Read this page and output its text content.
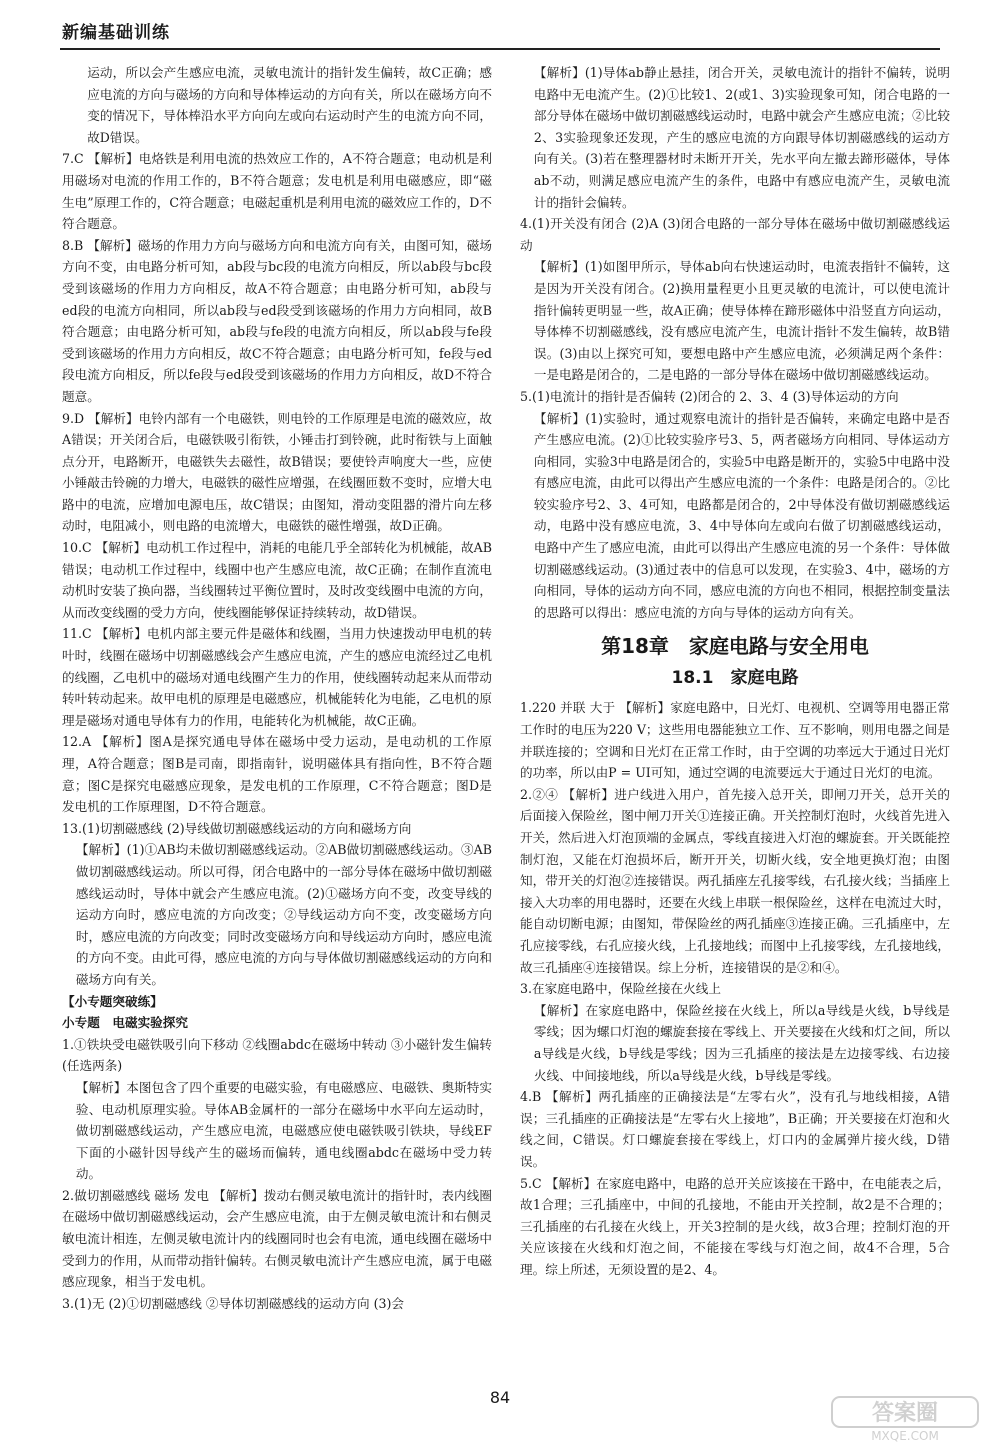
新编基础训练

运动，所以会产生感应电流，灵敏电流计的指针发生偏转，故C正确；感应电流的方向与磁场的方向和导体棒运动的方向有关，所以在磁场方向不变的情况下，导体棒沿水平方向向左或向右运动时产生的电流方向不同，故D错误。

7.C 【解析】电烙铁是利用电流的热效应工作的，A不符合题意；电动机是利用磁场对电流的作用工作的，B不符合题意；发电机是利用电磁感应，即“磁生电”原理工作的，C符合题意；电磁起重机是利用电流的磁效应工作的，D不符合题意。

8.B 【解析】磁场的作用力方向与磁场方向和电流方向有关，由图可知，磁场方向不变，由电路分析可知，ab段与bc段的电流方向相反，所以ab段与bc段受到该磁场的作用力方向相反，故A不符合题意；由电路分析可知，ab段与ed段的电流方向相同，所以ab段与ed段受到该磁场的作用力方向相同，故B符合题意；由电路分析可知，ab段与fe段的电流方向相反，所以ab段与fe段受到该磁场的作用力方向相反，故C不符合题意；由电路分析可知，fe段与ed段电流方向相反，所以fe段与ed段受到该磁场的作用力方向相反，故D不符合题意。

9.D 【解析】电铃内部有一个电磁铁，则电铃的工作原理是电流的磁效应，故A错误；开关闭合后，电磁铁吸引衔铁，小锤击打到铃碗，此时衔铁与上面触点分开，电路断开，电磁铁失去磁性，故B错误；要使铃声响度大一些，应使小锤敲击铃碗的力增大，电磁铁的磁性应增强，在线圈匝数不变时，应增大电路中的电流，应增加电源电压，故C错误；由图知，滑动变阻器的滑片向左移动时，电阻减小，则电路的电流增大，电磁铁的磁性增强，故D正确。

10.C 【解析】电动机工作过程中，消耗的电能几乎全部转化为机械能，故AB错误；电动机工作过程中，线圈中也产生感应电流，故C正确；在制作直流电动机时安装了换向器，当线圈转过平衡位置时，及时改变线圈中电流的方向，从而改变线圈的受力方向，使线圈能够保证持续转动，故D错误。

11.C 【解析】电机内部主要元件是磁体和线圈，当用力快速拨动甲电机的转叶时，线圈在磁场中切割磁感线会产生感应电流，产生的感应电流经过乙电机的线圈，乙电机中的磁场对通电线圈产生力的作用，使线圈转动起来从而带动转叶转动起来。故甲电机的原理是电磁感应，机械能转化为电能，乙电机的原理是磁场对通电导体有力的作用，电能转化为机械能，故C正确。

12.A 【解析】图A是探究通电导体在磁场中受力运动，是电动机的工作原理，A符合题意；图B是司南，即指南针，说明磁体具有指向性，B不符合题意；图C是探究电磁感应现象，是发电机的工作原理，C不符合题意；图D是发电机的工作原理图，D不符合题意。

13.(1)切割磁感线 (2)导线做切割磁感线运动的方向和磁场方向

【解析】(1)①AB均未做切割磁感线运动。②AB做切割磁感线运动。③AB做切割磁感线运动。所以可得，闭合电路中的一部分导体在磁场中做切割磁感线运动时，导体中就会产生感应电流。(2)①磁场方向不变，改变导线的运动方向时，感应电流的方向改变；②导线运动方向不变，改变磁场方向时，感应电流的方向改变；同时改变磁场方向和导线运动方向时，感应电流的方向不变。由此可得，感应电流的方向与导体做切割磁感线运动的方向和磁场方向有关。

【小专题突破练】

小专题　电磁实验探究

1.①铁块受电磁铁吸引向下移动 ②线圈abdc在磁场中转动 ③小磁针发生偏转(任选两条)

【解析】本图包含了四个重要的电磁实验，有电磁感应、电磁铁、奥斯特实验、电动机原理实验。导体AB金属杆的一部分在磁场中水平向左运动时，做切割磁感线运动，产生感应电流，电磁感应使电磁铁吸引铁块，导线EF下面的小磁针因导线产生的磁场而偏转，通电线圈abdc在磁场中受力转动。

2.做切割磁感线 磁场 发电 【解析】拨动右侧灵敏电流计的指针时，表内线圈在磁场中做切割磁感线运动，会产生感应电流，由于左侧灵敏电流计和右侧灵敏电流计相连，左侧灵敏电流计内的线圈同时也会有电流，通电线圈在磁场中受到力的作用，从而带动指针偏转。右侧灵敏电流计产生感应电流，属于电磁感应现象，相当于发电机。

3.(1)无 (2)①切割磁感线 ②导体切割磁感线的运动方向 (3)会

【解析】(1)导体ab静止悬挂，闭合开关，灵敏电流计的指针不偏转，说明电路中无电流产生。(2)①比较1、2(或1、3)实验现象可知，闭合电路的一部分导体在磁场中做切割磁感线运动时，电路中就会产生感应电流；②比较2、3实验现象还发现，产生的感应电流的方向跟导体切割磁感线的运动方向有关。(3)若在整理器材时未断开开关，先水平向左撤去蹄形磁体，导体ab不动，则满足感应电流产生的条件，电路中有感应电流产生，灵敏电流计的指针会偏转。

4.(1)开关没有闭合 (2)A (3)闭合电路的一部分导体在磁场中做切割磁感线运动

【解析】(1)如图甲所示，导体ab向右快速运动时，电流表指针不偏转，这是因为开关没有闭合。(2)换用量程更小且更灵敏的电流计，可以使电流计指针偏转更明显一些，故A正确；使导体棒在蹄形磁体中沿竖直方向运动，导体棒不切割磁感线，没有感应电流产生，电流计指针不发生偏转，故B错误。(3)由以上探究可知，要想电路中产生感应电流，必须满足两个条件：一是电路是闭合的，二是电路的一部分导体在磁场中做切割磁感线运动。

5.(1)电流计的指针是否偏转 (2)闭合的 2、3、4 (3)导体运动的方向

【解析】(1)实验时，通过观察电流计的指针是否偏转，来确定电路中是否产生感应电流。(2)①比较实验序号3、5，两者磁场方向相同、导体运动方向相同，实验3中电路是闭合的，实验5中电路是断开的，实验5中电路中没有感应电流，由此可以得出产生感应电流的一个条件：电路是闭合的。②比较实验序号2、3、4可知，电路都是闭合的，2中导体没有做切割磁感线运动，电路中没有感应电流，3、4中导体向左或向右做了切割磁感线运动，电路中产生了感应电流，由此可以得出产生感应电流的另一个条件：导体做切割磁感线运动。(3)通过表中的信息可以发现，在实验3、4中，磁场的方向相同，导体的运动方向不同，感应电流的方向也不相同，根据控制变量法的思路可以得出：感应电流的方向与导体的运动方向有关。

第18章　家庭电路与安全用电
18.1　家庭电路

1.220 并联 大于 【解析】家庭电路中，日光灯、电视机、空调等用电器正常工作时的电压为220 V；这些用电器能独立工作、互不影响，则用电器之间是并联连接的；空调和日光灯在正常工作时，由于空调的功率远大于通过日光灯的功率，所以由P = UI可知，通过空调的电流要远大于通过日光灯的电流。

2.②④ 【解析】进户线进入用户，首先接入总开关，即闸刀开关，总开关的后面接入保险丝，图中闸刀开关①连接正确。开关控制灯泡时，火线首先进入开关，然后进入灯泡顶端的金属点，零线直接进入灯泡的螺旋套。开关既能控制灯泡，又能在灯泡损坏后，断开开关，切断火线，安全地更换灯泡；由图知，带开关的灯泡②连接错误。两孔插座左孔接零线，右孔接火线；当插座上接入大功率的用电器时，还要在火线上串联一根保险丝，这样在电流过大时，能自动切断电源；由图知，带保险丝的两孔插座③连接正确。三孔插座中，左孔应接零线，右孔应接火线，上孔接地线；而图中上孔接零线，左孔接地线，故三孔插座④连接错误。综上分析，连接错误的是②和④。

3.在家庭电路中，保险丝接在火线上

【解析】在家庭电路中，保险丝接在火线上，所以a导线是火线，b导线是零线；因为螺口灯泡的螺旋套接在零线上、开关要接在火线和灯之间，所以a导线是火线，b导线是零线；因为三孔插座的接法是左边接零线、右边接火线、中间接地线，所以a导线是火线，b导线是零线。

4.B 【解析】两孔插座的正确接法是“左零右火”，没有孔与地线相接，A错误；三孔插座的正确接法是“左零右火上接地”，B正确；开关要接在灯泡和火线之间，C错误。灯口螺旋套接在零线上，灯口内的金属弹片接火线，D错误。

5.C 【解析】在家庭电路中，电路的总开关应该接在干路中，在电能表之后，故1合理；三孔插座中，中间的孔接地，不能由开关控制，故2是不合理的；三孔插座的右孔接在火线上，开关3控制的是火线，故3合理；控制灯泡的开关应该接在火线和灯泡之间，不能接在零线与灯泡之间，故4不合理，5合理。综上所述，无须设置的是2、4。

84
答案圈
MXQE.COM
